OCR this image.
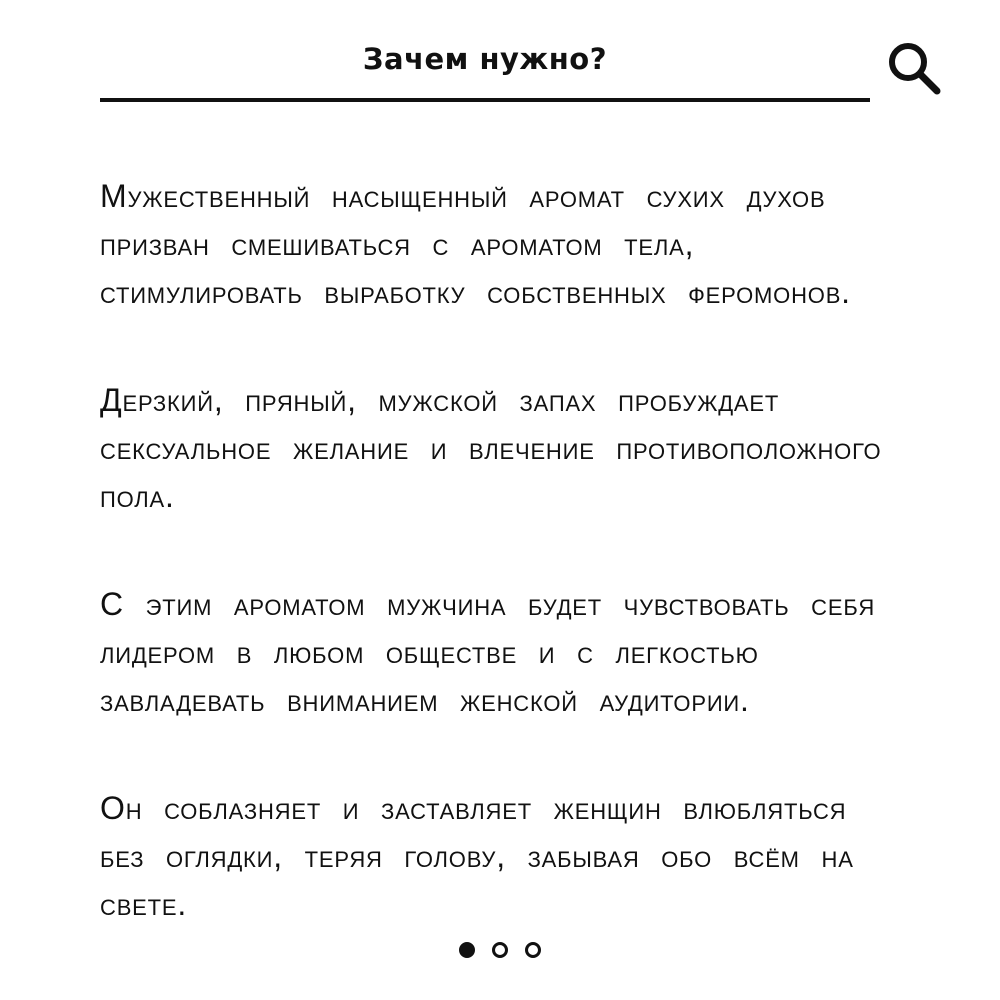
Зачем нужно?

Мужественный насыщенный аромат сухих духов призван смешиваться с ароматом тела, стимулировать выработку собственных феромонов.

Дерзкий, пряный, мужской запах пробуждает сексуальное желание и влечение противоположного пола.

С этим ароматом мужчина будет чувствовать себя лидером в любом обществе и с легкостью завладевать вниманием женской аудитории.

Он соблазняет и заставляет женщин влюбляться без оглядки, теряя голову, забывая обо всём на свете.
